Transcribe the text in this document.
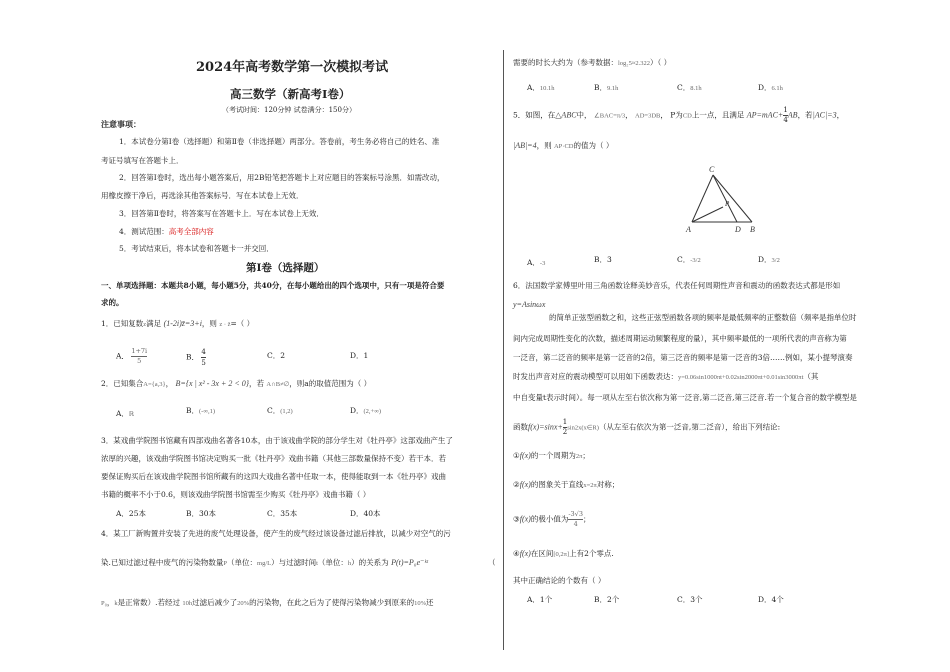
2024年高考数学第一次模拟考试
高三数学（新高考Ⅰ卷）
（考试时间：120分钟 试卷满分：150分）
注意事项：
1．本试卷分第Ⅰ卷（选择题）和第Ⅱ卷（非选择题）两部分。答卷前，考生务必将自己的姓名、准
考证号填写在答题卡上．
2．回答第Ⅰ卷时，选出每小题答案后，用2B铅笔把答题卡上对应题目的答案标号涂黑．如需改动，
用橡皮擦干净后，再选涂其他答案标号．写在本试卷上无效．
3．回答第Ⅱ卷时，将答案写在答题卡上．写在本试卷上无效．
4．测试范围：高考全部内容
5．考试结束后，将本试卷和答题卡一并交回．
第Ⅰ卷（选择题）
一、单项选择题：本题共8小题，每小题5分，共40分，在每小题给出的四个选项中，只有一项是符合要
求的。
1．已知复数z满足 (1-2i)z̄=3+i，则 z · z̄=（ ）
A． $\frac{1+7i}{5}$	B． $\frac{4}{5}$	C．2	D．1
2．已知集合A={a,3}， B={x | x² - 3x + 2 < 0}，若 A∩B≠∅，则a的取值范围为（ ）
A．ℝ	B．(-∞,1)	C．(1,2)	D．(2,+∞)
3．某戏曲学院图书馆藏有四部戏曲名著各10本，由于该戏曲学院的部分学生对《牡丹亭》这部戏曲产生了
浓厚的兴趣，该戏曲学院图书馆决定购买一批《牡丹亭》戏曲书籍（其他三部数量保持不变）若干本．若
要保证购买后在该戏曲学院图书馆所藏有的这四大戏曲名著中任取一本，使得能取到一本《牡丹亭》戏曲
书籍的概率不小于0.6，则该戏曲学院图书馆需至少购买《牡丹亭》戏曲书籍（ ）
A．25本	B．30本	C．35本	D．40本
4．某工厂新购置并安装了先进的废气处理设备，使产生的废气经过该设备过滤后排放，以减少对空气的污
染.已知过滤过程中废气的污染物数量P（单位：mg/L）与过滤时间t（单位：h）的关系为 P(t)=P₀e⁻ᵏᵗ	（
P₀，k是正常数）.若经过 10h过滤后减少了20%的污染物，在此之后为了使得污染物减少到原来的10%还
需要的时长大约为（参考数据：log₂5≈2.322）（ ）
A．10.1h	B．9.1h	C．8.1h	D．6.1h
5．如图，在△ABC中， ∠BAC=π/3， AD=3DB， P为CD上一点，且满足 $AP=mAC+\frac{1}{4}$ AB，若|AC|=3，
|AB|=4，则 AP·CD的值为（ ）
C
P
A	D B
A．-3	B．3	C．-3/2	D．3/2
6．法国数学家傅里叶用三角函数诠释美妙音乐，代表任何周期性声音和震动的函数表达式都是形如
y=Asinωx
的简单正弦型函数之和，这些正弦型函数各项的频率是最低频率的正整数倍（频率是指单位时
间内完成周期性变化的次数，描述周期运动频繁程度的量），其中频率最低的一项所代表的声音称为第
一泛音，第二泛音的频率是第一泛音的2倍，第三泛音的频率是第一泛音的3倍……例如，某小提琴演奏
时发出声音对应的震动模型可以用如下函数表达：y=0.06sin1000πt+0.02sin2000πt+0.01sin3000πt（其
中自变量t表示时间）。每一项从左至右依次称为第一泛音,第二泛音,第三泛音.若一个复合音的数学模型是
函数$f(x)=\sin x+\frac{1}{2}$ sin2x(x∈R)（从左至右依次为第一泛音,第二泛音），给出下列结论:
①f(x)的一个周期为2π；
②f(x)的图象关于直线x=2π对称；
③f(x)的极小值为$\frac{-3√3}{4}$ ；
④f(x)在区间[0,2π]上有2个零点.
其中正确结论的个数有（ ）
A．1个	B．2个	C．3个	D．4个
